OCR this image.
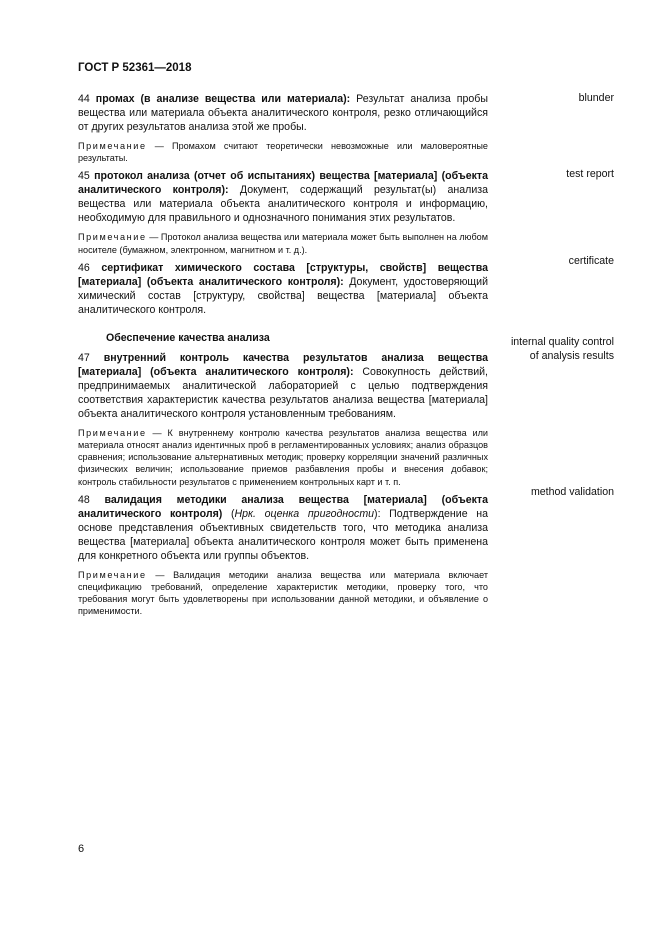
ГОСТ Р 52361—2018

44 промах (в анализе вещества или материала): Результат анализа пробы вещества или материала объекта аналитического контроля, резко отличающийся от других результатов анализа этой же пробы.

Примечание — Промахом считают теоретически невозможные или маловероятные результаты.

45 протокол анализа (отчет об испытаниях) вещества [материала] (объекта аналитического контроля): Документ, содержащий результат(ы) анализа вещества или материала объекта аналитического контроля и информацию, необходимую для правильного и однозначного понимания этих результатов.

Примечание — Протокол анализа вещества или материала может быть выполнен на любом носителе (бумажном, электронном, магнитном и т. д.).

46 сертификат химического состава [структуры, свойств] вещества [материала] (объекта аналитического контроля): Документ, удостоверяющий химический состав [структуру, свойства] вещества [материала] объекта аналитического контроля.

Обеспечение качества анализа

47 внутренний контроль качества результатов анализа вещества [материала] (объекта аналитического контроля): Совокупность действий, предпринимаемых аналитической лабораторией с целью подтверждения соответствия характеристик качества результатов анализа вещества [материала] объекта аналитического контроля установленным требованиям.

Примечание — К внутреннему контролю качества результатов анализа вещества или материала относят анализ идентичных проб в регламентированных условиях; анализ образцов сравнения; использование альтернативных методик; проверку корреляции значений различных физических величин; использование приемов разбавления пробы и внесения добавок; контроль стабильности результатов с применением контрольных карт и т. п.

48 валидация методики анализа вещества [материала] (объекта аналитического контроля) (Нрк. оценка пригодности): Подтверждение на основе представления объективных свидетельств того, что методика анализа вещества [материала] объекта аналитического контроля может быть применена для конкретного объекта или группы объектов.

Примечание — Валидация методики анализа вещества или материала включает спецификацию требований, определение характеристик методики, проверку того, что требования могут быть удовлетворены при использовании данной методики, и объявление о применимости.

blunder
test report
certificate
internal quality control of analysis results
method validation
6
